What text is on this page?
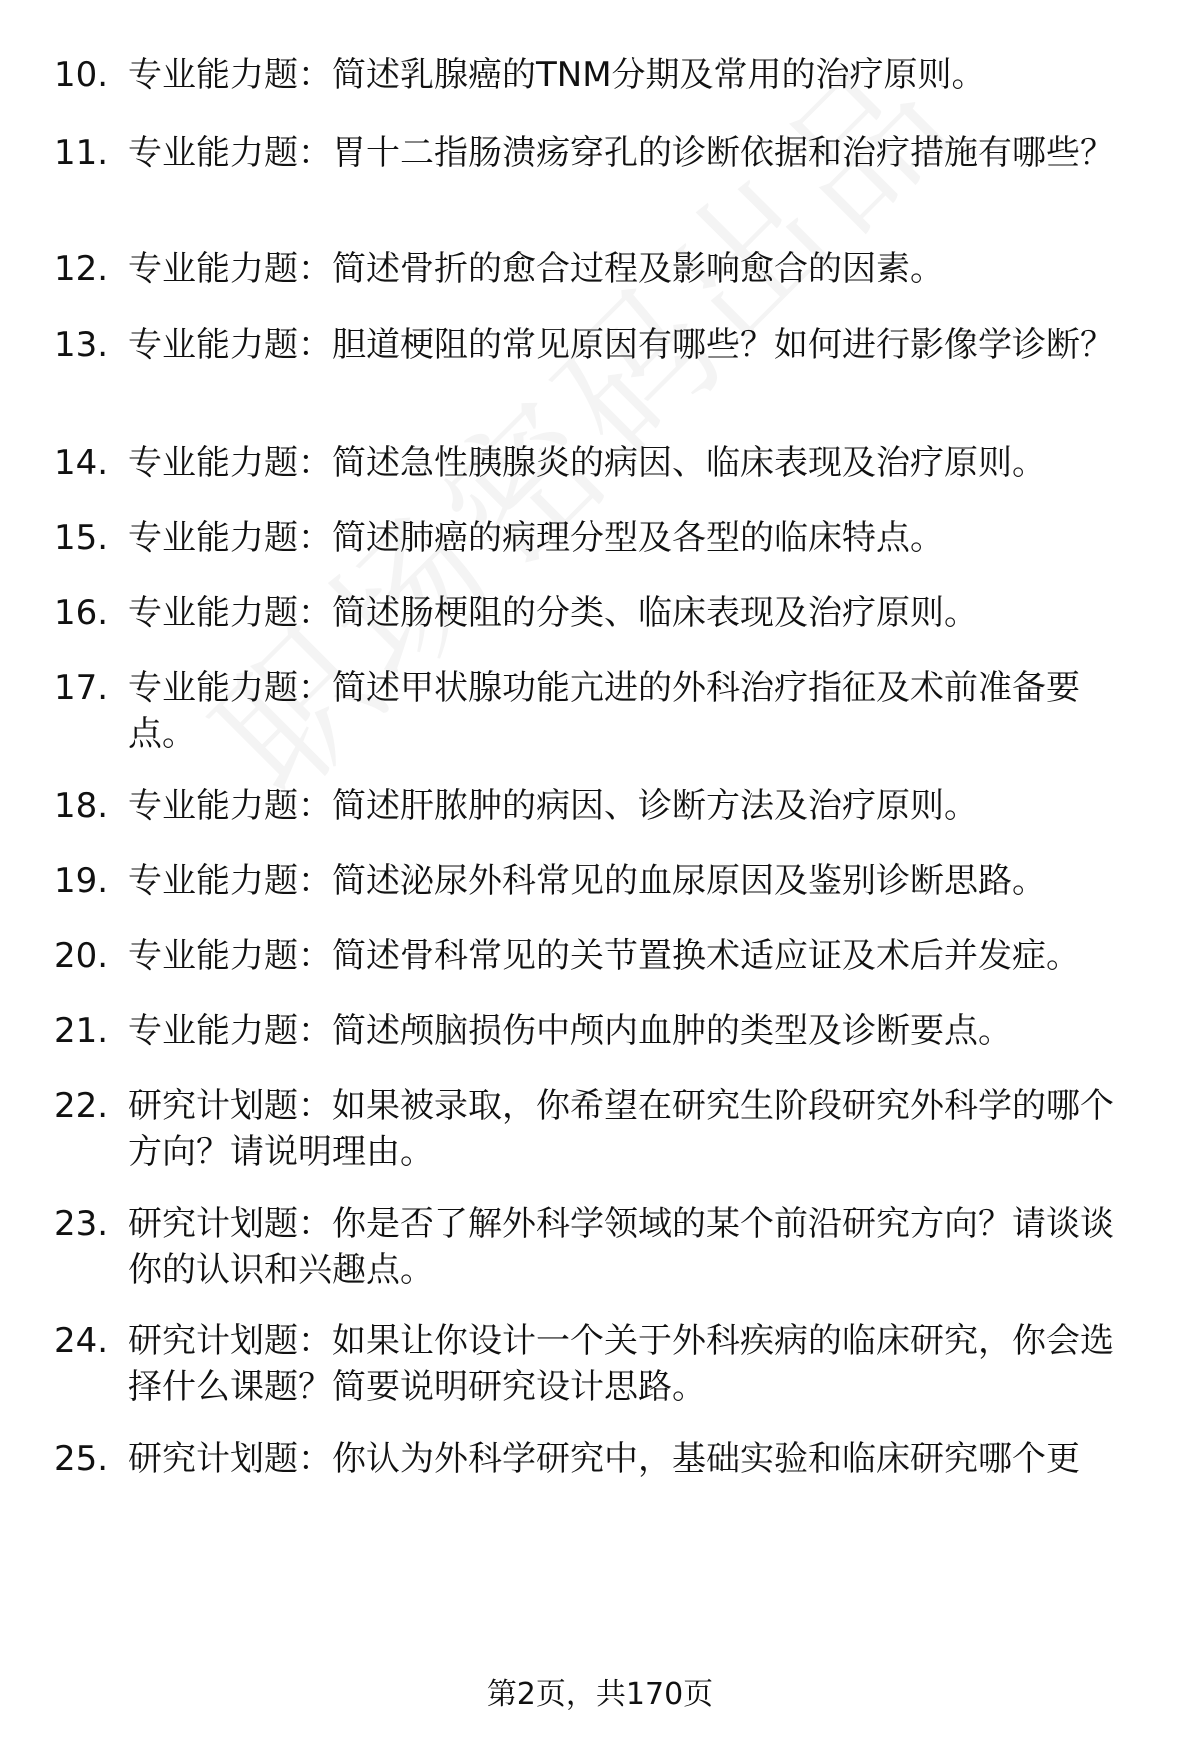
10. 专业能力题：简述乳腺癌的TNM分期及常用的治疗原则。
11. 专业能力题：胃十二指肠溃疡穿孔的诊断依据和治疗措施有哪些？
12. 专业能力题：简述骨折的愈合过程及影响愈合的因素。
13. 专业能力题：胆道梗阻的常见原因有哪些？如何进行影像学诊断？
14. 专业能力题：简述急性胰腺炎的病因、临床表现及治疗原则。
15. 专业能力题：简述肺癌的病理分型及各型的临床特点。
16. 专业能力题：简述肠梗阻的分类、临床表现及治疗原则。
17. 专业能力题：简述甲状腺功能亢进的外科治疗指征及术前准备要点。
18. 专业能力题：简述肝脓肿的病因、诊断方法及治疗原则。
19. 专业能力题：简述泌尿外科常见的血尿原因及鉴别诊断思路。
20. 专业能力题：简述骨科常见的关节置换术适应证及术后并发症。
21. 专业能力题：简述颅脑损伤中颅内血肿的类型及诊断要点。
22. 研究计划题：如果被录取，你希望在研究生阶段研究外科学的哪个方向？请说明理由。
23. 研究计划题：你是否了解外科学领域的某个前沿研究方向？请谈谈你的认识和兴趣点。
24. 研究计划题：如果让你设计一个关于外科疾病的临床研究，你会选择什么课题？简要说明研究设计思路。
25. 研究计划题：你认为外科学研究中，基础实验和临床研究哪个更
第2页，共170页
